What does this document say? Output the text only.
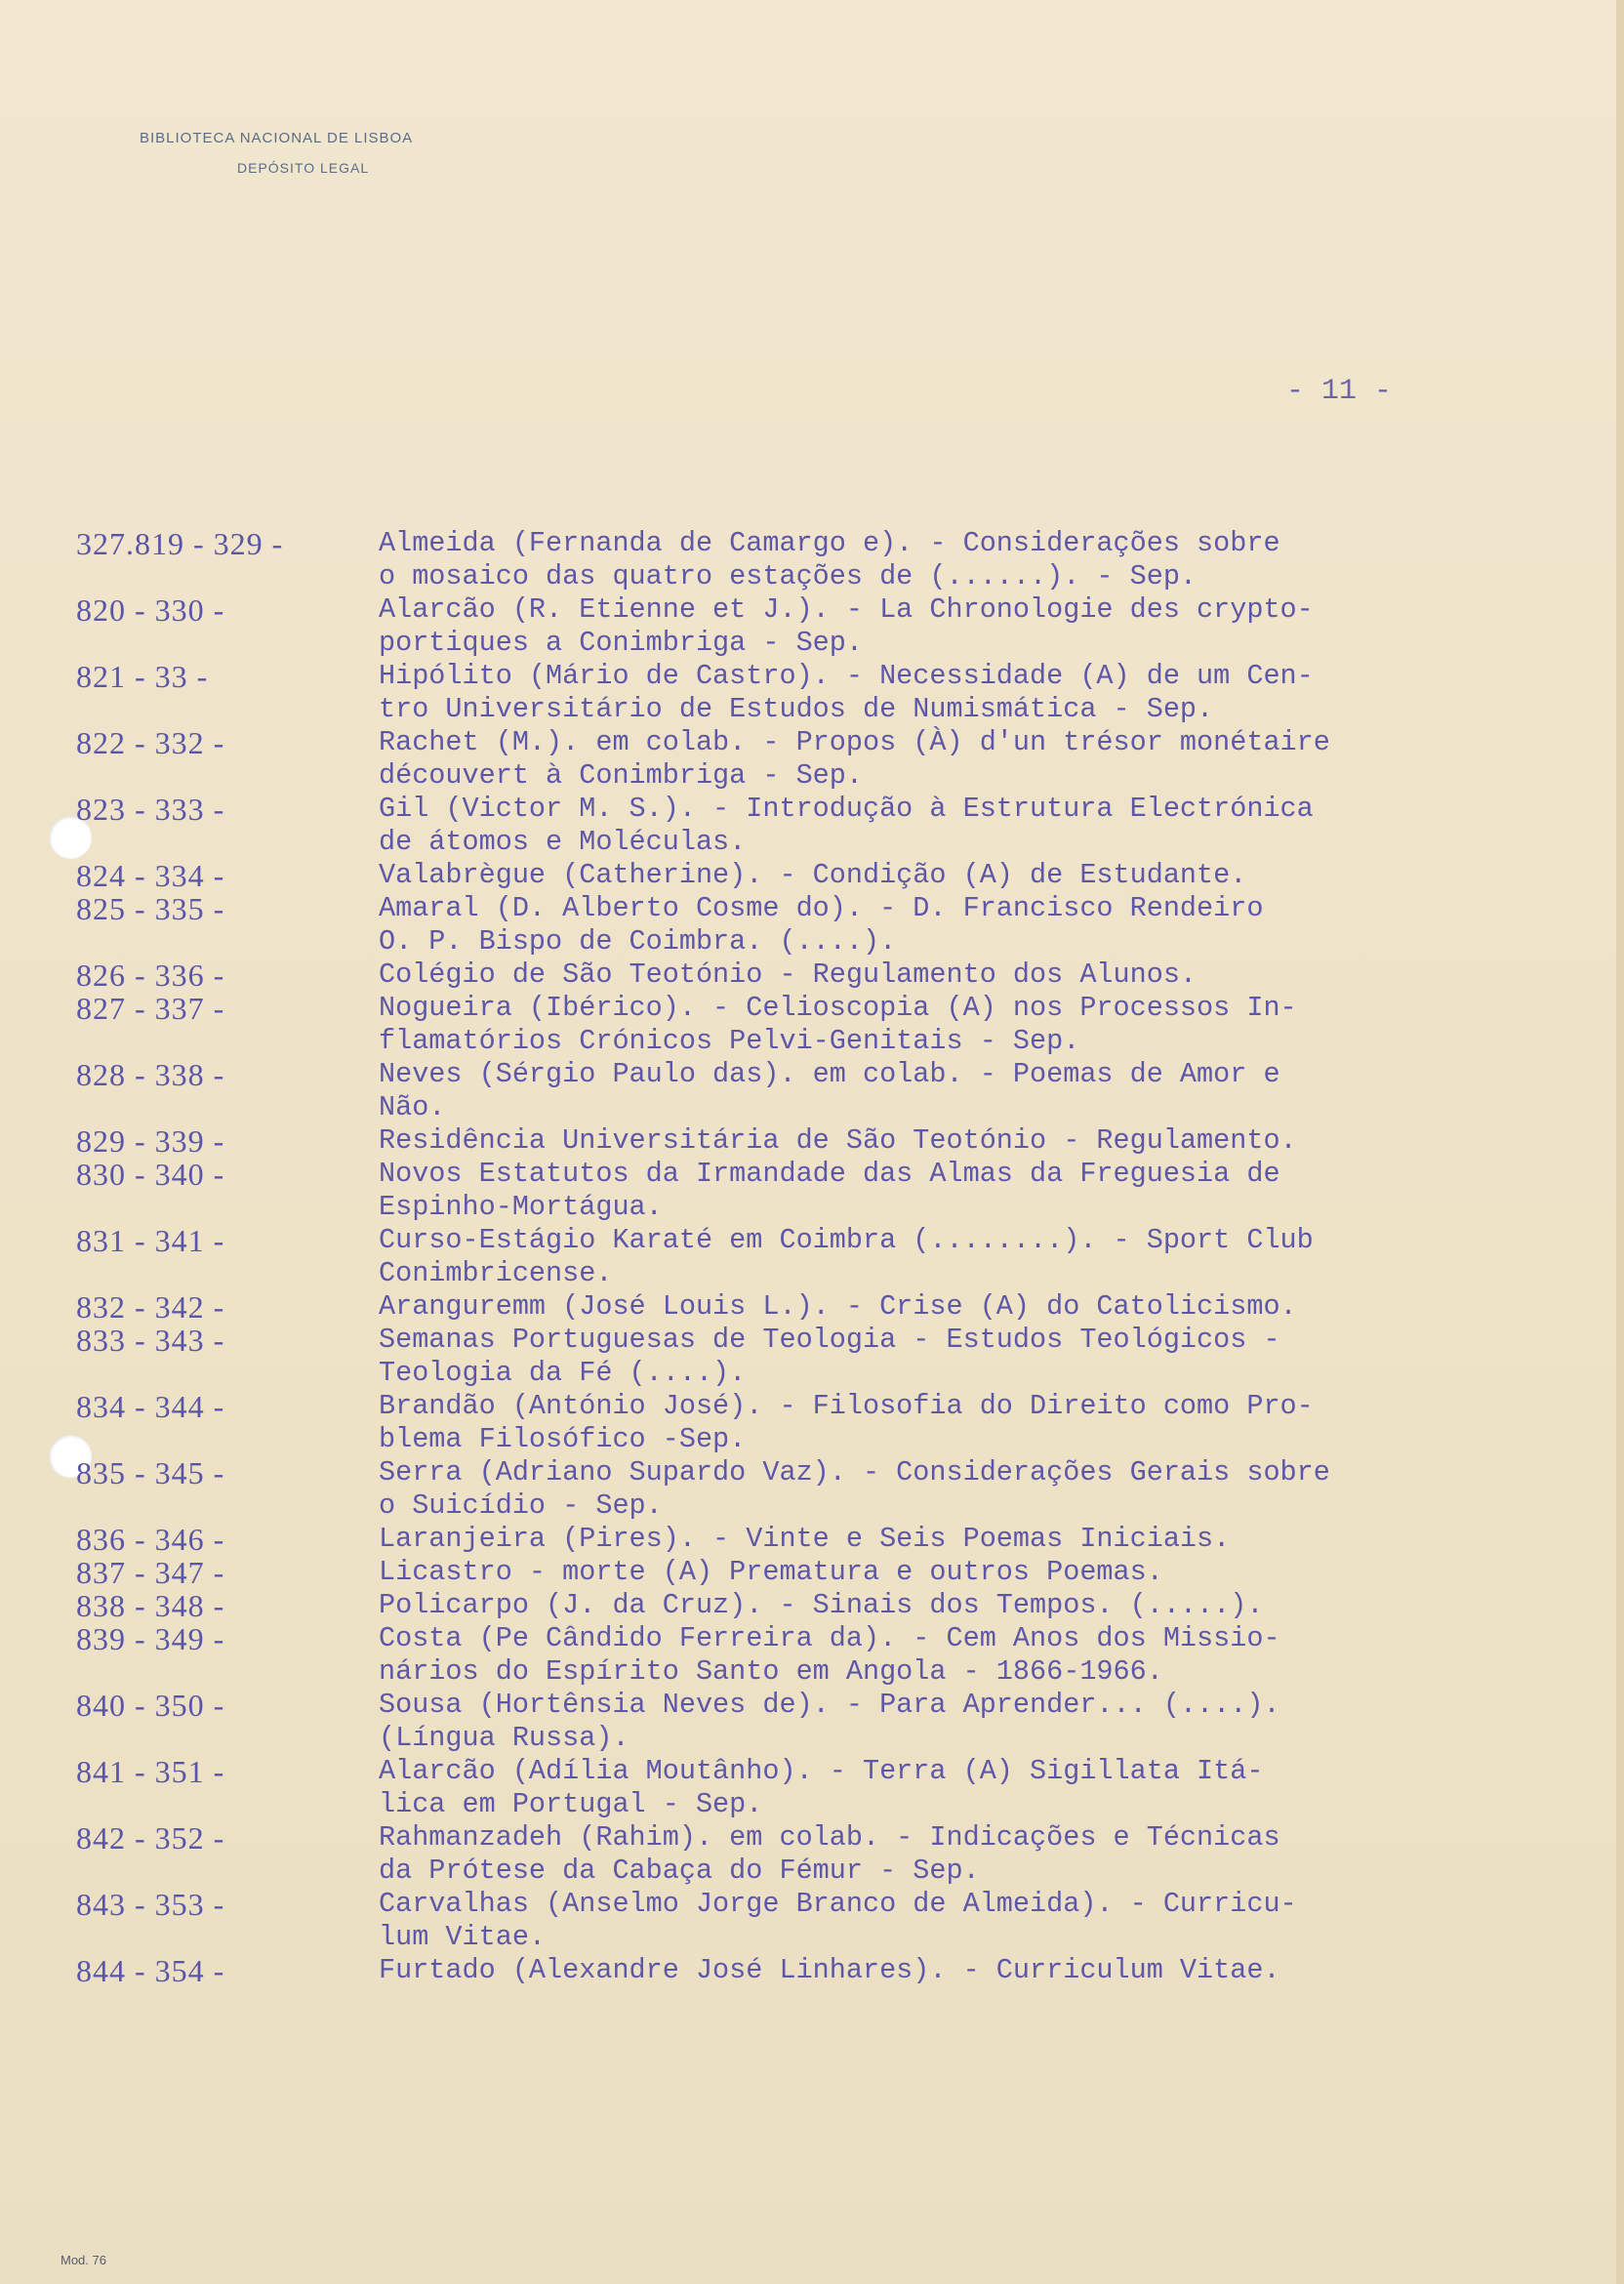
BIBLIOTECA NACIONAL DE LISBOA
DEPÓSITO LEGAL
- 11 -
327.819 - 329 -	Almeida (Fernanda de Camargo e). - Considerações sobre
o mosaico das quatro estações de (......). - Sep.
820 - 330 -	Alarcão (R. Etienne et J.). - La Chronologie des crypto-
portiques a Conimbriga - Sep.
821 - 33 -	Hipólito (Mário de Castro). - Necessidade (A) de um Cen-
tro Universitário de Estudos de Numismática - Sep.
822 - 332 -	Rachet (M.). em colab. - Propos (À) d'un trésor monétaire
découvert à Conimbriga - Sep.
823 - 333 -	Gil (Victor M. S.). - Introdução à Estrutura Electrónica
de átomos e Moléculas.
824 - 334 -	Valabrègue (Catherine). - Condição (A) de Estudante.
825 - 335 -	Amaral (D. Alberto Cosme do). - D. Francisco Rendeiro
O. P. Bispo de Coimbra. (....).
826 - 336 -	Colégio de São Teotónio - Regulamento dos Alunos.
827 - 337 -	Nogueira (Ibérico). - Celioscopia (A) nos Processos In-
flamatórios Crónicos Pelvi-Genitais - Sep.
828 - 338 -	Neves (Sérgio Paulo das). em colab. - Poemas de Amor e
Não.
829 - 339 -	Residência Universitária de São Teotónio - Regulamento.
830 - 340 -	Novos Estatutos da Irmandade das Almas da Freguesia de
Espinho-Mortágua.
831 - 341 -	Curso-Estágio Karaté em Coimbra (........). - Sport Club
Conimbricense.
832 - 342 -	Aranguremm (José Louis L.). - Crise (A) do Catolicismo.
833 - 343 -	Semanas Portuguesas de Teologia - Estudos Teológicos -
Teologia da Fé (....).
834 - 344 -	Brandão (António José). - Filosofia do Direito como Pro-
blema Filosófico -Sep.
835 - 345 -	Serra (Adriano Supardo Vaz). - Considerações Gerais sobre
o Suicídio - Sep.
836 - 346 -	Laranjeira (Pires). - Vinte e Seis Poemas Iniciais.
837 - 347 -	Licastro - morte (A) Prematura e outros Poemas.
838 - 348 -	Policarpo (J. da Cruz). - Sinais dos Tempos. (.....).
839 - 349 -	Costa (Pe Cândido Ferreira da). - Cem Anos dos Missio-
nários do Espírito Santo em Angola - 1866-1966.
840 - 350 -	Sousa (Hortênsia Neves de). - Para Aprender... (....).
(Língua Russa).
841 - 351 -	Alarcão (Adília Moutânho). - Terra (A) Sigillata Itá-
lica em Portugal - Sep.
842 - 352 -	Rahmanzadeh (Rahim). em colab. - Indicações e Técnicas
da Prótese da Cabaça do Fémur - Sep.
843 - 353 -	Carvalhas (Anselmo Jorge Branco de Almeida). - Curricu-
lum Vitae.
844 - 354 -	Furtado (Alexandre José Linhares). - Curriculum Vitae.
Mod. 76
